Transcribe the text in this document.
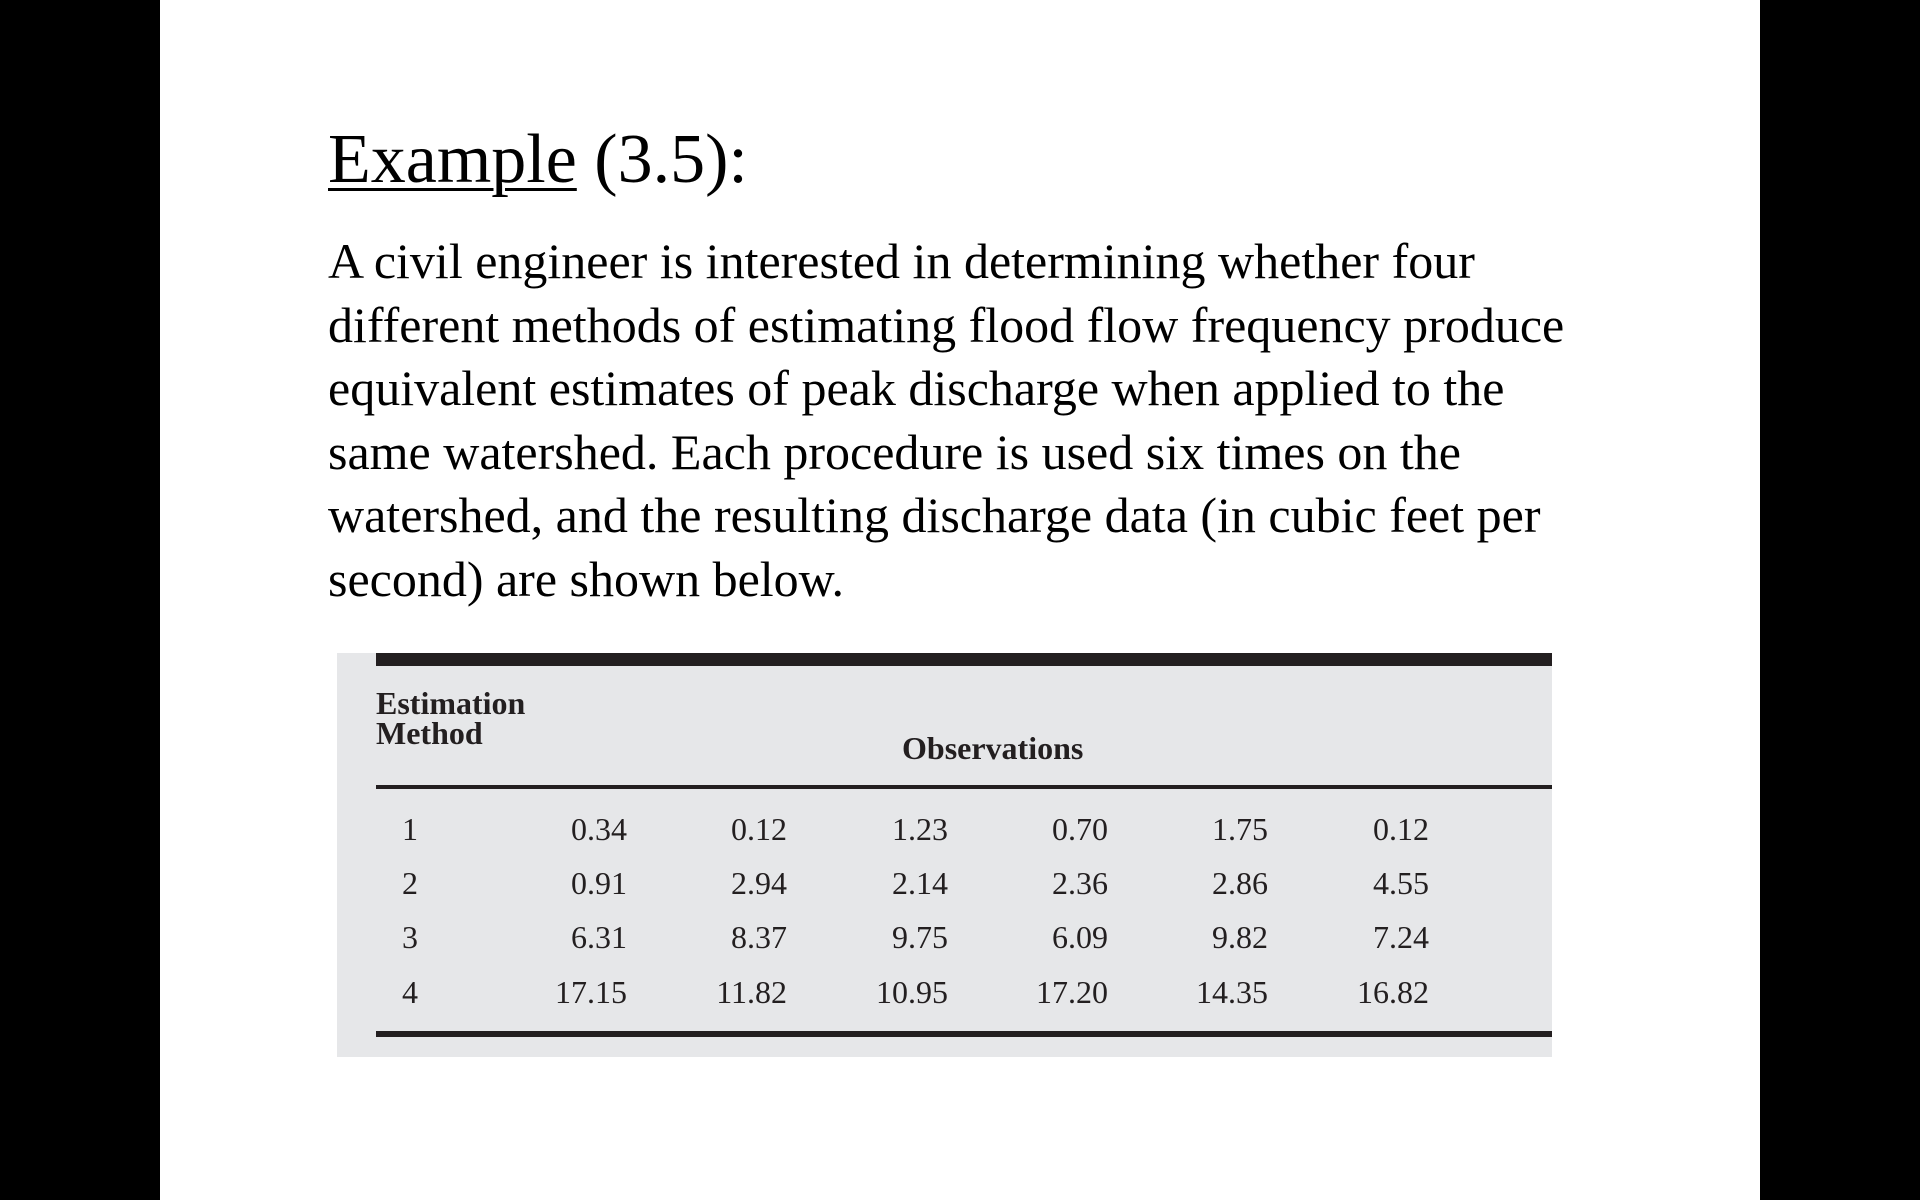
Example (3.5):
A civil engineer is interested in determining whether four
different methods of estimating flood flow frequency produce
equivalent estimates of peak discharge when applied to the
same watershed. Each procedure is used six times on the
watershed, and the resulting discharge data (in cubic feet per
second) are shown below.
Estimation
Method	Observations
1	0.34	0.12	1.23	0.70	1.75	0.12
2	0.91	2.94	2.14	2.36	2.86	4.55
3	6.31	8.37	9.75	6.09	9.82	7.24
4	17.15	11.82	10.95	17.20	14.35	16.82
